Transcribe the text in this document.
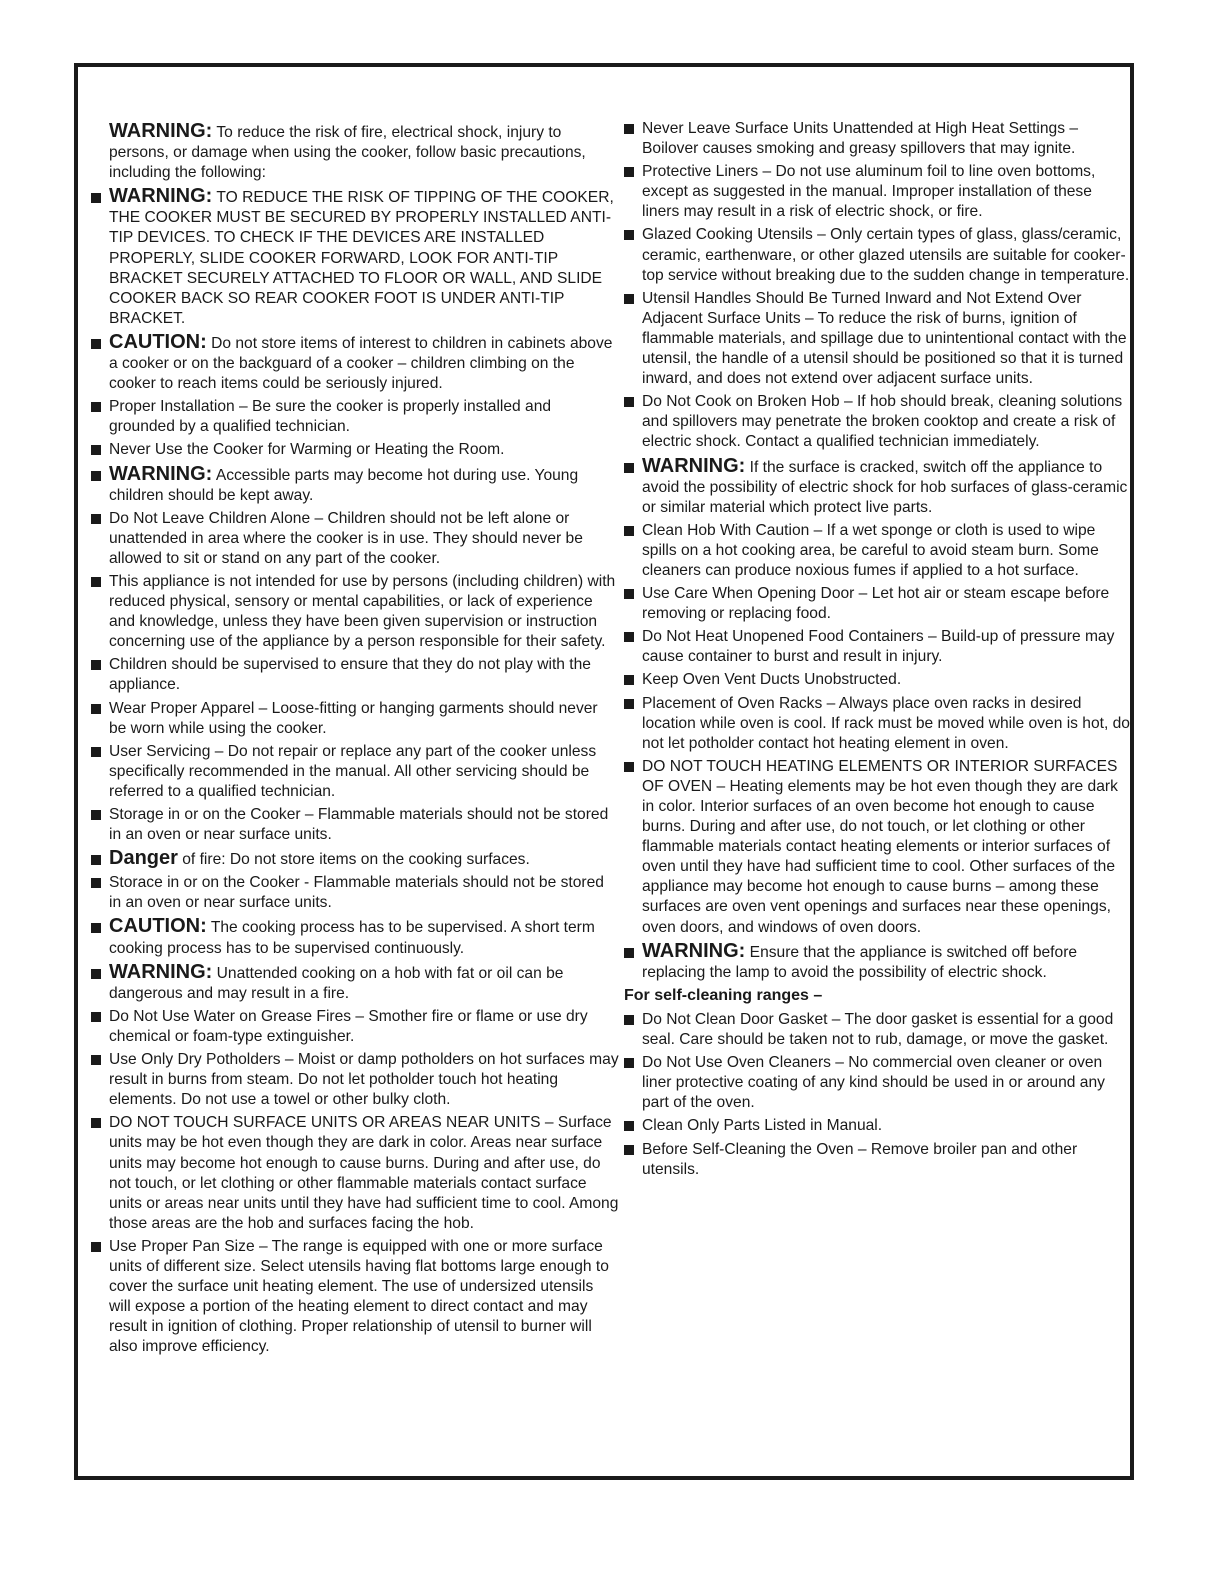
WARNING: To reduce the risk of fire, electrical shock, injury to persons, or damage when using the cooker, follow basic precautions, including the following:
WARNING: TO REDUCE THE RISK OF TIPPING OF THE COOKER, THE COOKER MUST BE SECURED BY PROPERLY INSTALLED ANTI-TIP DEVICES. TO CHECK IF THE DEVICES ARE INSTALLED PROPERLY, SLIDE COOKER FORWARD, LOOK FOR ANTI-TIP BRACKET SECURELY ATTACHED TO FLOOR OR WALL, AND SLIDE COOKER BACK SO REAR COOKER FOOT IS UNDER ANTI-TIP BRACKET.
CAUTION: Do not store items of interest to children in cabinets above a cooker or on the backguard of a cooker – children climbing on the cooker to reach items could be seriously injured.
Proper Installation – Be sure the cooker is properly installed and grounded by a qualified technician.
Never Use the Cooker for Warming or Heating the Room.
WARNING: Accessible parts may become hot during use. Young children should be kept away.
Do Not Leave Children Alone – Children should not be left alone or unattended in area where the cooker is in use. They should never be allowed to sit or stand on any part of the cooker.
This appliance is not intended for use by persons (including children) with reduced physical, sensory or mental capabilities, or lack of experience and knowledge, unless they have been given supervision or instruction concerning use of the appliance by a person responsible for their safety.
Children should be supervised to ensure that they do not play with the appliance.
Wear Proper Apparel – Loose-fitting or hanging garments should never be worn while using the cooker.
User Servicing – Do not repair or replace any part of the cooker unless specifically recommended in the manual. All other servicing should be referred to a qualified technician.
Storage in or on the Cooker – Flammable materials should not be stored in an oven or near surface units.
Danger of fire: Do not store items on the cooking surfaces.
Storace in or on the Cooker - Flammable materials should not be stored in an oven or near surface units.
CAUTION: The cooking process has to be supervised. A short term cooking process has to be supervised continuously.
WARNING: Unattended cooking on a hob with fat or oil can be dangerous and may result in a fire.
Do Not Use Water on Grease Fires – Smother fire or flame or use dry chemical or foam-type extinguisher.
Use Only Dry Potholders – Moist or damp potholders on hot surfaces may result in burns from steam. Do not let potholder touch hot heating elements. Do not use a towel or other bulky cloth.
DO NOT TOUCH SURFACE UNITS OR AREAS NEAR UNITS – Surface units may be hot even though they are dark in color. Areas near surface units may become hot enough to cause burns. During and after use, do not touch, or let clothing or other flammable materials contact surface units or areas near units until they have had sufficient time to cool. Among those areas are the hob and surfaces facing the hob.
Use Proper Pan Size – The range is equipped with one or more surface units of different size. Select utensils having flat bottoms large enough to cover the surface unit heating element. The use of undersized utensils will expose a portion of the heating element to direct contact and may result in ignition of clothing. Proper relationship of utensil to burner will also improve efficiency.
Never Leave Surface Units Unattended at High Heat Settings – Boilover causes smoking and greasy spillovers that may ignite.
Protective Liners – Do not use aluminum foil to line oven bottoms, except as suggested in the manual. Improper installation of these liners may result in a risk of electric shock, or fire.
Glazed Cooking Utensils – Only certain types of glass, glass/ceramic, ceramic, earthenware, or other glazed utensils are suitable for cooker-top service without breaking due to the sudden change in temperature.
Utensil Handles Should Be Turned Inward and Not Extend Over Adjacent Surface Units – To reduce the risk of burns, ignition of flammable materials, and spillage due to unintentional contact with the utensil, the handle of a utensil should be positioned so that it is turned inward, and does not extend over adjacent surface units.
Do Not Cook on Broken Hob – If hob should break, cleaning solutions and spillovers may penetrate the broken cooktop and create a risk of electric shock. Contact a qualified technician immediately.
WARNING: If the surface is cracked, switch off the appliance to avoid the possibility of electric shock for hob surfaces of glass-ceramic or similar material which protect live parts.
Clean Hob With Caution – If a wet sponge or cloth is used to wipe spills on a hot cooking area, be careful to avoid steam burn. Some cleaners can produce noxious fumes if applied to a hot surface.
Use Care When Opening Door – Let hot air or steam escape before removing or replacing food.
Do Not Heat Unopened Food Containers – Build-up of pressure may cause container to burst and result in injury.
Keep Oven Vent Ducts Unobstructed.
Placement of Oven Racks – Always place oven racks in desired location while oven is cool. If rack must be moved while oven is hot, do not let potholder contact hot heating element in oven.
DO NOT TOUCH HEATING ELEMENTS OR INTERIOR SURFACES OF OVEN – Heating elements may be hot even though they are dark in color. Interior surfaces of an oven become hot enough to cause burns. During and after use, do not touch, or let clothing or other flammable materials contact heating elements or interior surfaces of oven until they have had sufficient time to cool. Other surfaces of the appliance may become hot enough to cause burns – among these surfaces are oven vent openings and surfaces near these openings, oven doors, and windows of oven doors.
WARNING: Ensure that the appliance is switched off before replacing the lamp to avoid the possibility of electric shock.
For self-cleaning ranges –
Do Not Clean Door Gasket – The door gasket is essential for a good seal. Care should be taken not to rub, damage, or move the gasket.
Do Not Use Oven Cleaners – No commercial oven cleaner or oven liner protective coating of any kind should be used in or around any part of the oven.
Clean Only Parts Listed in Manual.
Before Self-Cleaning the Oven – Remove broiler pan and other utensils.
